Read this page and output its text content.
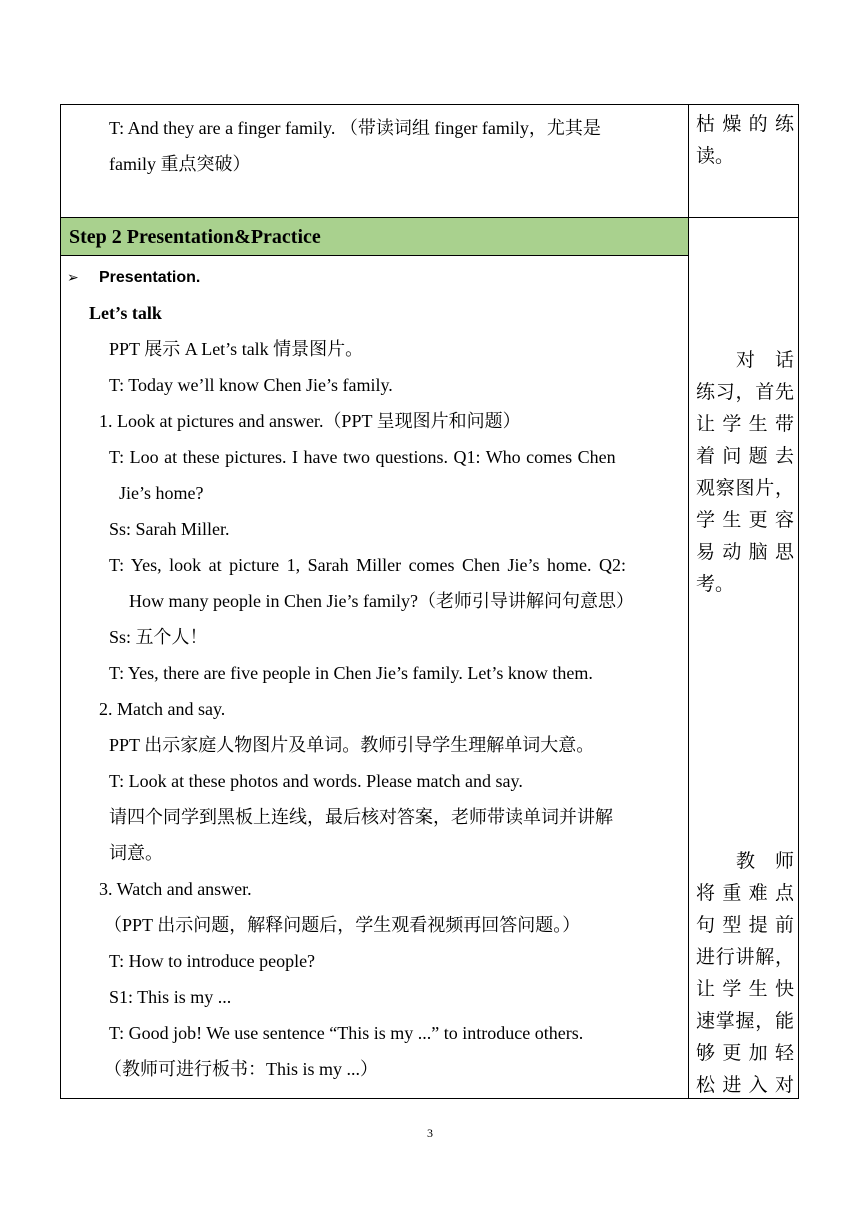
T: And they are a finger family. （带读词组 finger family，尤其是
family 重点突破）
枯 燥 的 练
读。
Step 2 Presentation&Practice
➢ Presentation.
Let’s talk
PPT 展示 A Let’s talk 情景图片。
T: Today we’ll know Chen Jie’s family.
1. Look at pictures and answer.（PPT 呈现图片和问题）
T: Loo at these pictures. I have two questions. Q1: Who comes Chen
Jie’s home?
Ss: Sarah Miller.
T: Yes, look at picture 1, Sarah Miller comes Chen Jie’s home. Q2:
How many people in Chen Jie’s family?（老师引导讲解问句意思）
Ss: 五个人！
T: Yes, there are five people in Chen Jie’s family. Let’s know them.
2. Match and say.
PPT 出示家庭人物图片及单词。教师引导学生理解单词大意。
T: Look at these photos and words. Please match and say.
请四个同学到黑板上连线，最后核对答案，老师带读单词并讲解
词意。
3. Watch and answer.
（PPT 出示问题，解释问题后，学生观看视频再回答问题。）
T: How to introduce people?
S1: This is my ...
T: Good job! We use sentence “This is my ...” to introduce others.
（教师可进行板书：This is my ...）
对 话
练习，首先
让 学 生 带
着 问 题 去
观察图片，
学 生 更 容
易 动 脑 思
考。
教 师
将 重 难 点
句 型 提 前
进行讲解，
让 学 生 快
速掌握，能
够 更 加 轻
松 进 入 对
3
